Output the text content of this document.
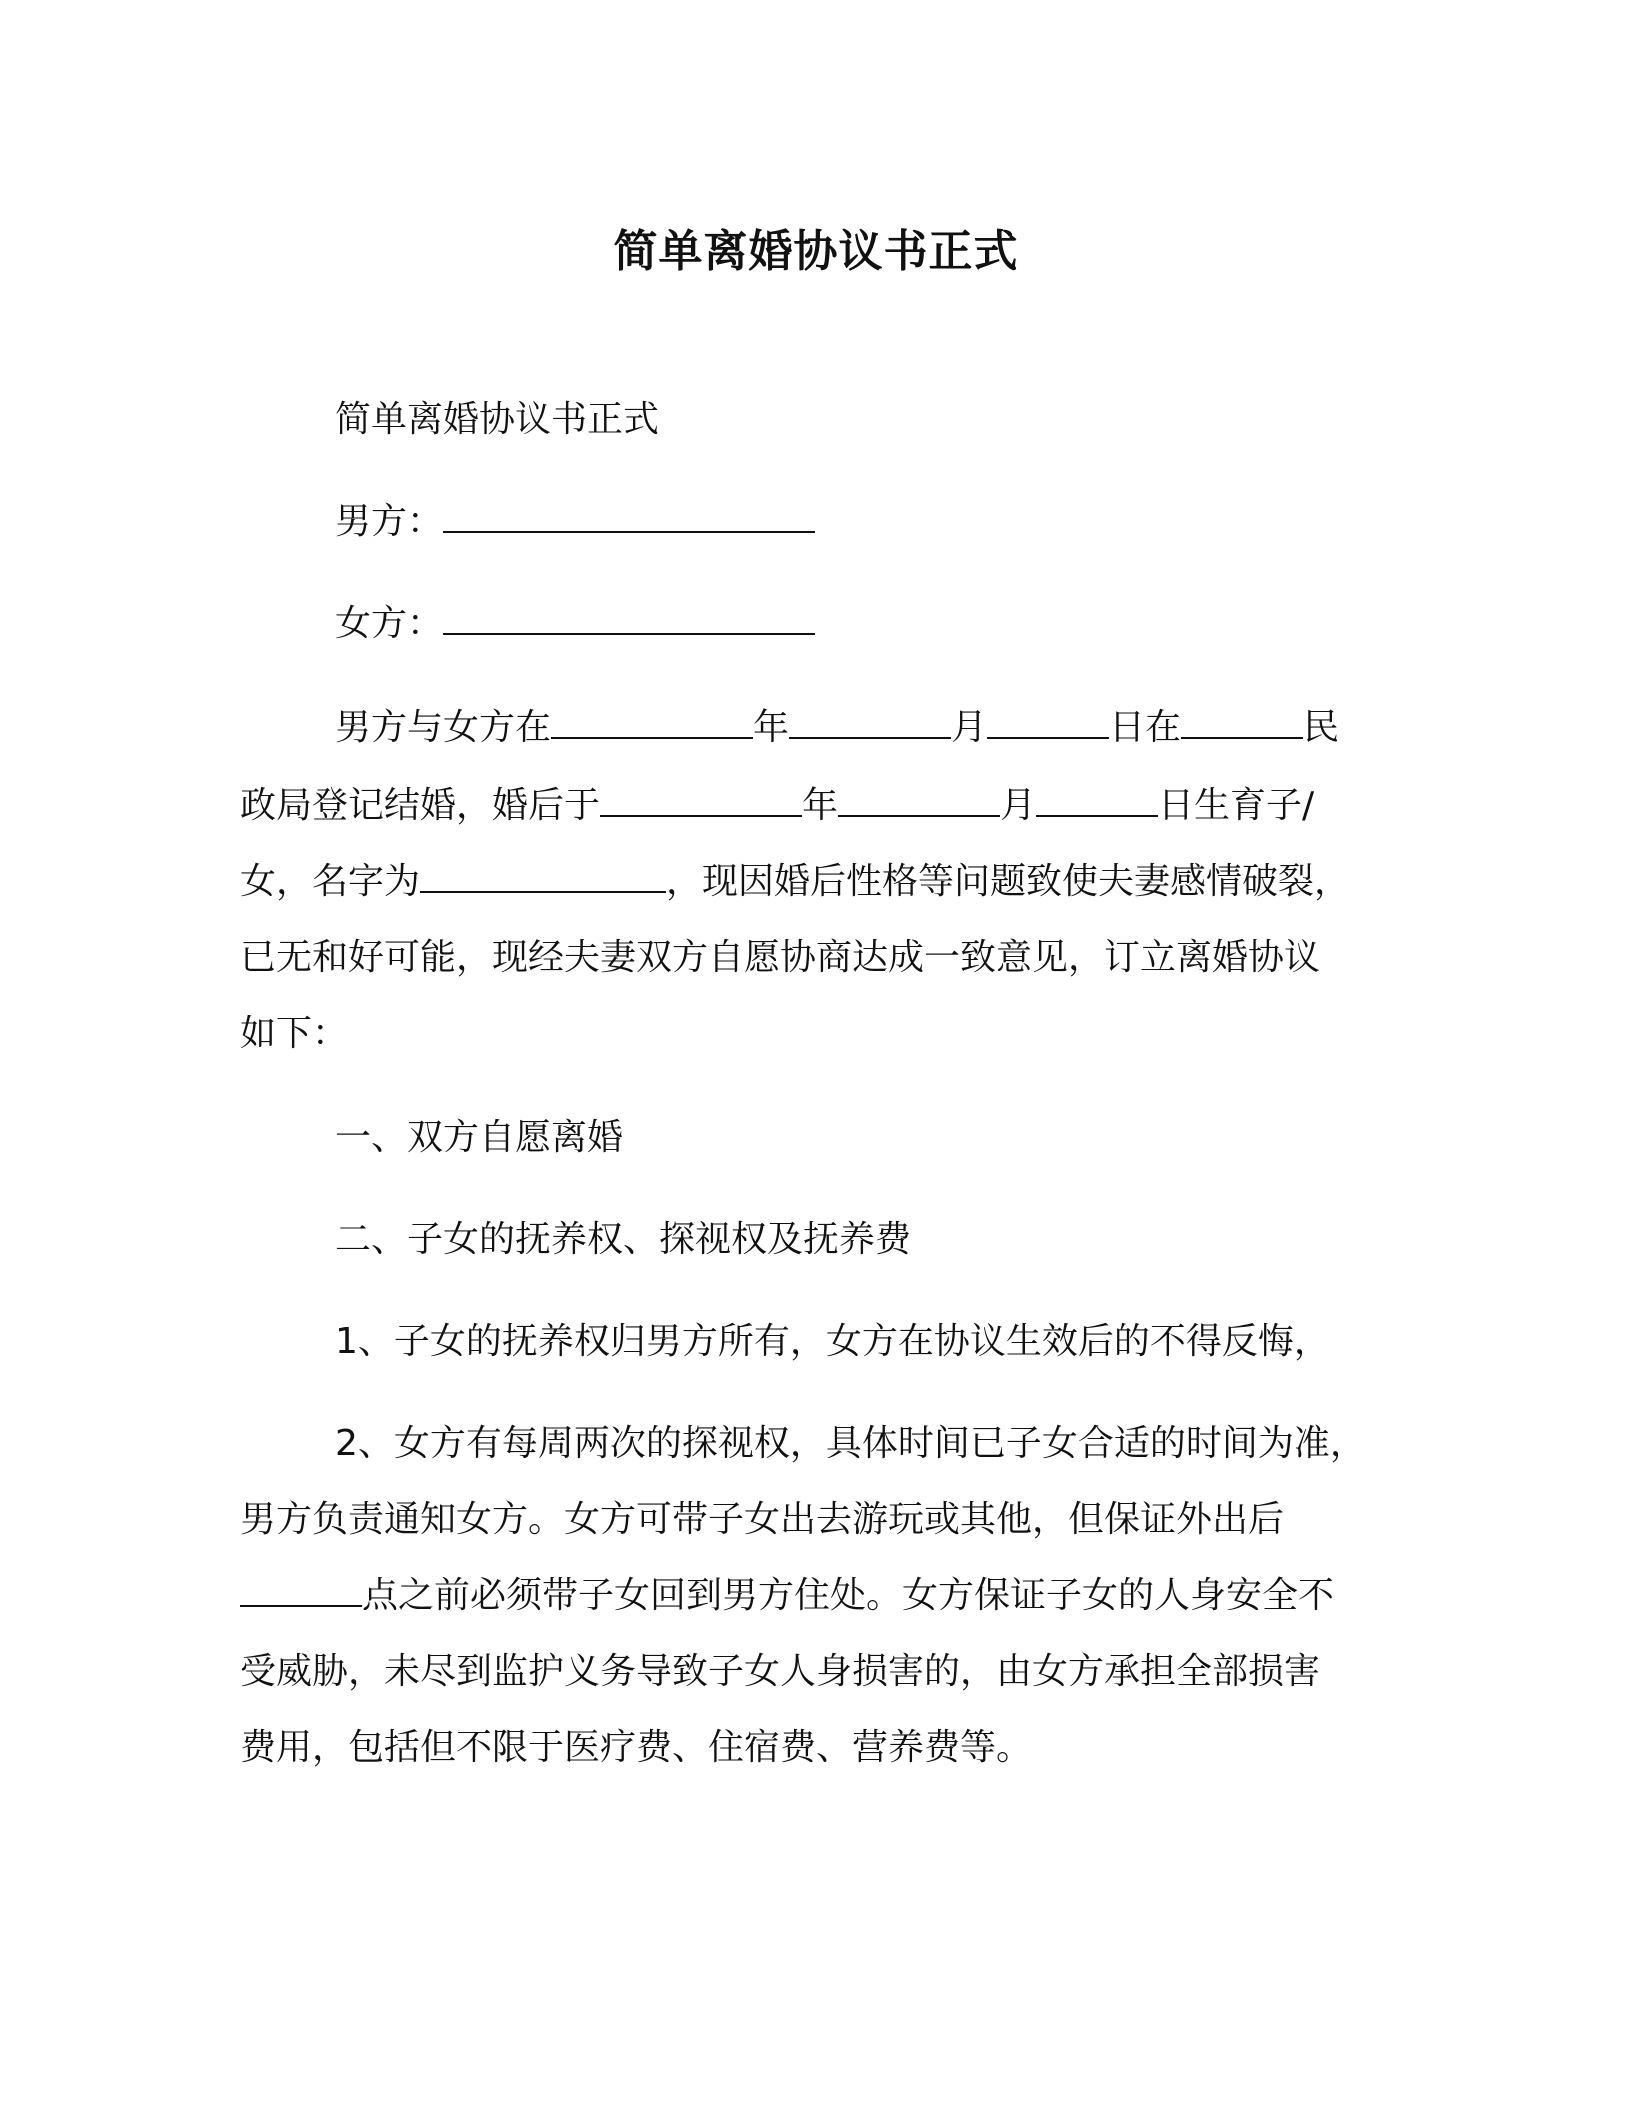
简单离婚协议书正式
简单离婚协议书正式
男方：
女方：
男方与女方在	年	月	日在	民
政局登记结婚，婚后于	年	月	日生育子/
女，名字为	，现因婚后性格等问题致使夫妻感情破裂，
已无和好可能，现经夫妻双方自愿协商达成一致意见，订立离婚协议
如下：
一、双方自愿离婚
二、子女的抚养权、探视权及抚养费
1、子女的抚养权归男方所有，女方在协议生效后的不得反悔，
2、女方有每周两次的探视权，具体时间已子女合适的时间为准，
男方负责通知女方。女方可带子女出去游玩或其他，但保证外出后
点之前必须带子女回到男方住处。女方保证子女的人身安全不
受威胁，未尽到监护义务导致子女人身损害的，由女方承担全部损害
费用，包括但不限于医疗费、住宿费、营养费等。
